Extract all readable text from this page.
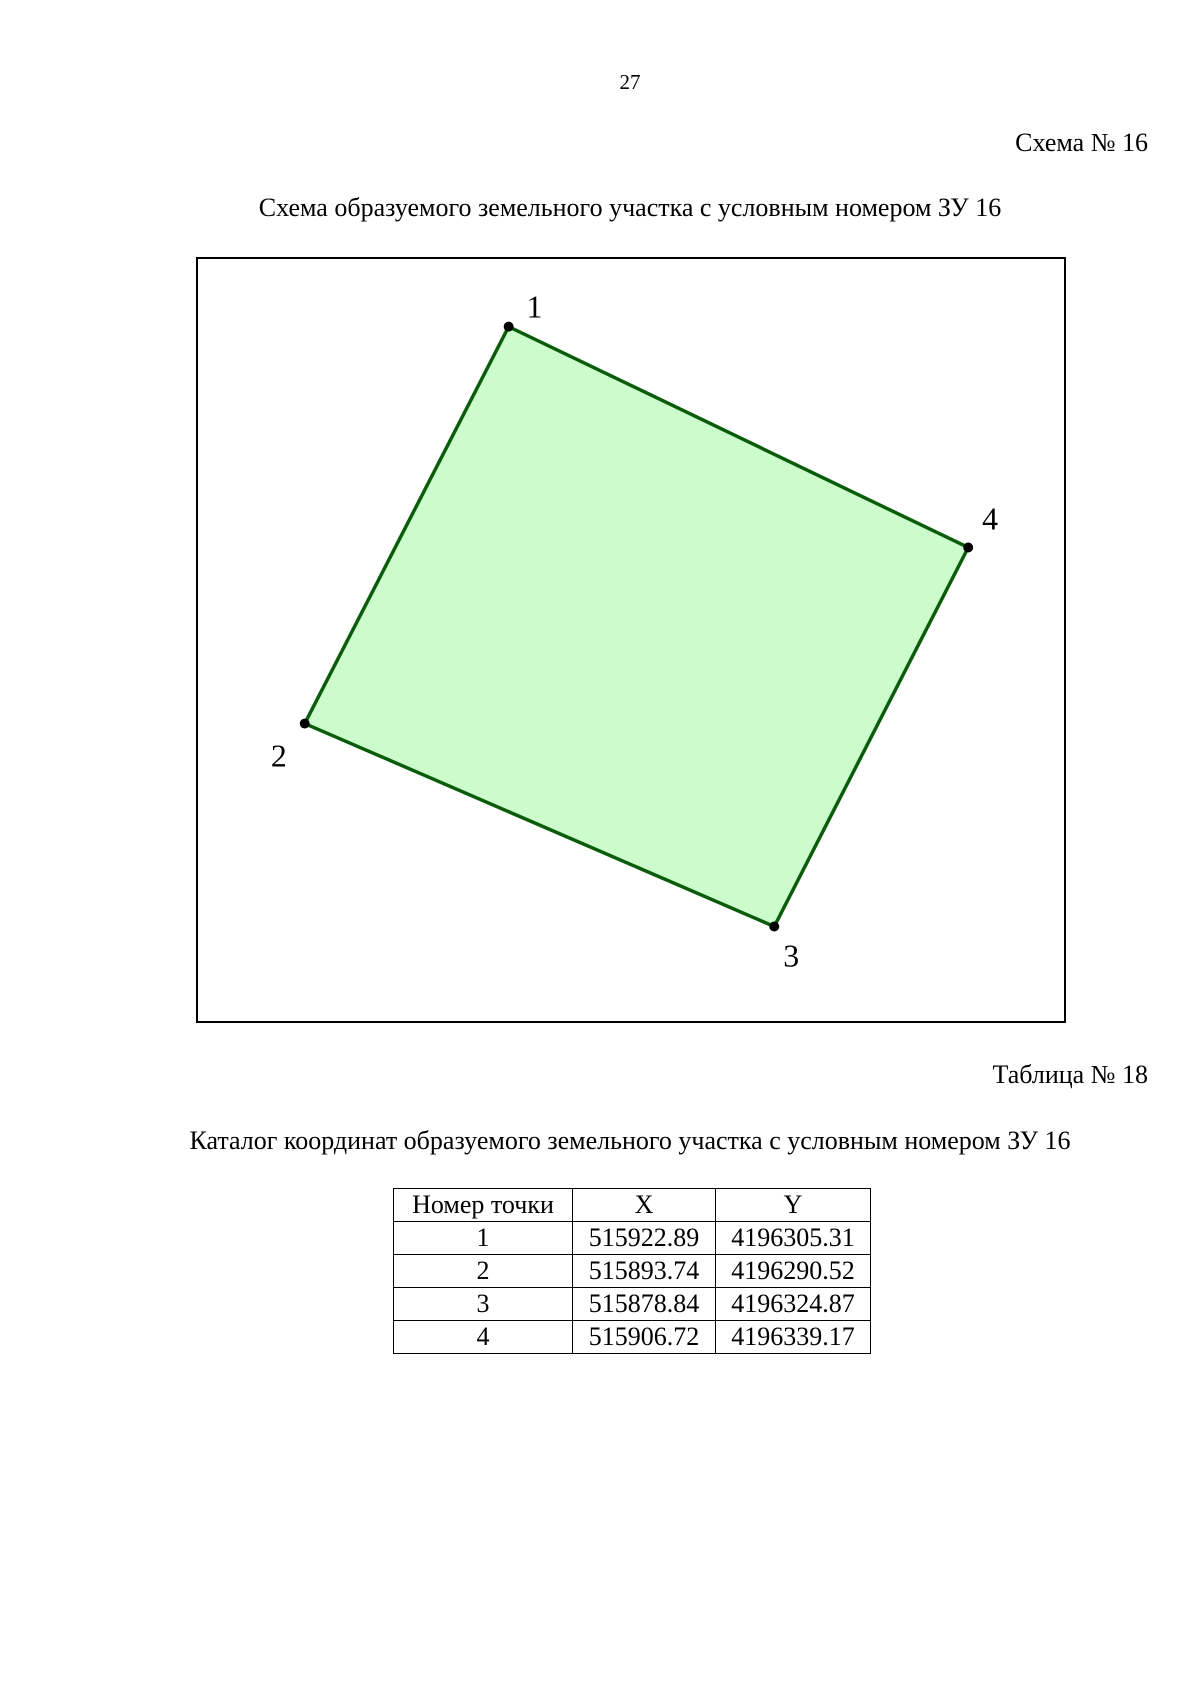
27
Схема № 16
Схема образуемого земельного участка с условным номером ЗУ 16
1
2
3
4
Таблица № 18
Каталог координат образуемого земельного участка с условным номером ЗУ 16
Номер точки	X	Y
1	515922.89	4196305.31
2	515893.74	4196290.52
3	515878.84	4196324.87
4	515906.72	4196339.17
